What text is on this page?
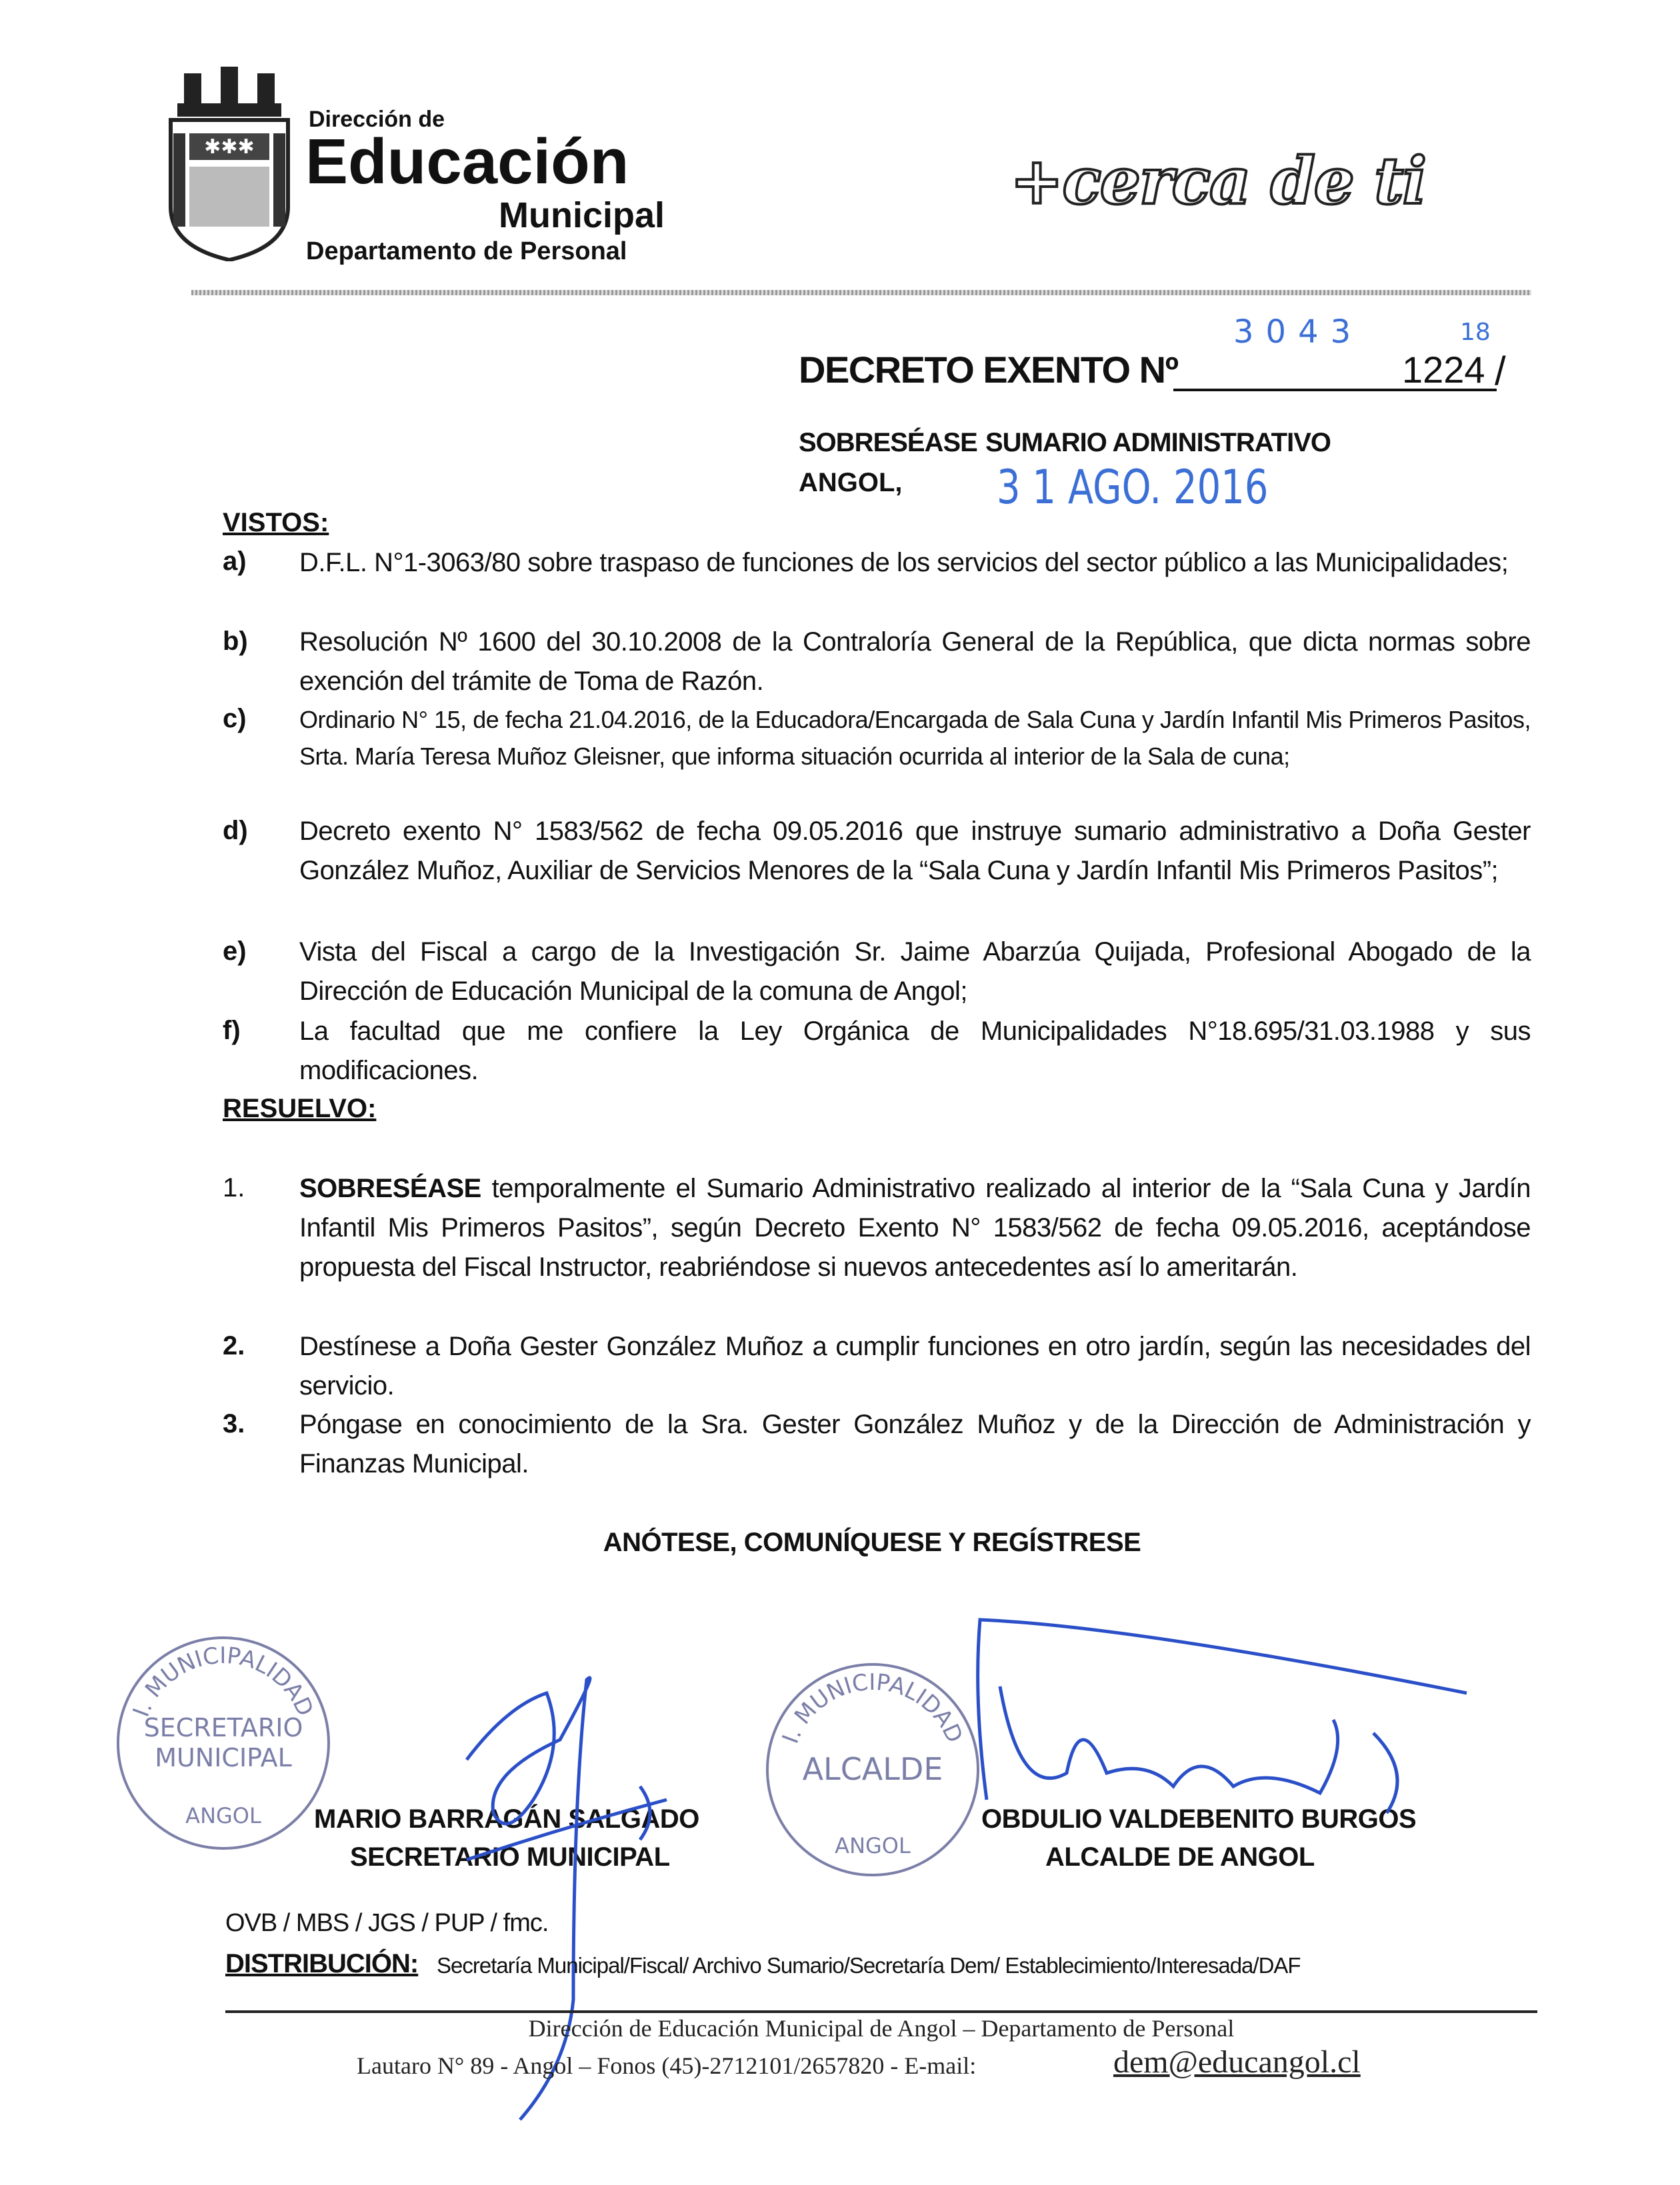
✱✱✱
Dirección de
Educación
Municipal
Departamento de Personal
+cerca de ti
3043	18
DECRETO EXENTO Nº	1224 /
SOBRESÉASE SUMARIO ADMINISTRATIVO
ANGOL, 3 1 AGO. 2016
VISTOS:
a) D.F.L. N°1-3063/80 sobre traspaso de funciones de los servicios del sector público a las Municipalidades;
b) Resolución Nº 1600 del 30.10.2008 de la Contraloría General de la República, que dicta normas sobre exención del trámite de Toma de Razón.
c) Ordinario N° 15, de fecha 21.04.2016, de la Educadora/Encargada de Sala Cuna y Jardín Infantil Mis Primeros Pasitos, Srta. María Teresa Muñoz Gleisner, que informa situación ocurrida al interior de la Sala de cuna;
d) Decreto exento N° 1583/562 de fecha 09.05.2016 que instruye sumario administrativo a Doña Gester González Muñoz, Auxiliar de Servicios Menores de la “Sala Cuna y Jardín Infantil Mis Primeros Pasitos”;
e) Vista del Fiscal a cargo de la Investigación Sr. Jaime Abarzúa Quijada, Profesional Abogado de la Dirección de Educación Municipal de la comuna de Angol;
f) La facultad que me confiere la Ley Orgánica de Municipalidades N°18.695/31.03.1988 y sus modificaciones.
RESUELVO:
1. SOBRESÉASE temporalmente el Sumario Administrativo realizado al interior de la “Sala Cuna y Jardín Infantil Mis Primeros Pasitos”, según Decreto Exento N° 1583/562 de fecha 09.05.2016, aceptándose propuesta del Fiscal Instructor, reabriéndose si nuevos antecedentes así lo ameritarán.
2. Destínese a Doña Gester González Muñoz a cumplir funciones en otro jardín, según las necesidades del servicio.
3. Póngase en conocimiento de la Sra. Gester González Muñoz y de la Dirección de Administración y Finanzas Municipal.
ANÓTESE, COMUNÍQUESE Y REGÍSTRESE
I. MUNICIPALIDAD
SECRETARIO
MUNICIPAL
ANGOL
I. MUNICIPALIDAD
ALCALDE
ANGOL
MARIO BARRAGÁN SALGADO
SECRETARIO MUNICIPAL
OBDULIO VALDEBENITO BURGOS
ALCALDE DE ANGOL
OVB / MBS / JGS / PUP / fmc.
DISTRIBUCIÓN: Secretaría Municipal/Fiscal/ Archivo Sumario/Secretaría Dem/ Establecimiento/Interesada/DAF
Dirección de Educación Municipal de Angol – Departamento de Personal
Lautaro N° 89 - Angol – Fonos (45)-2712101/2657820 - E-mail:	dem@educangol.cl
